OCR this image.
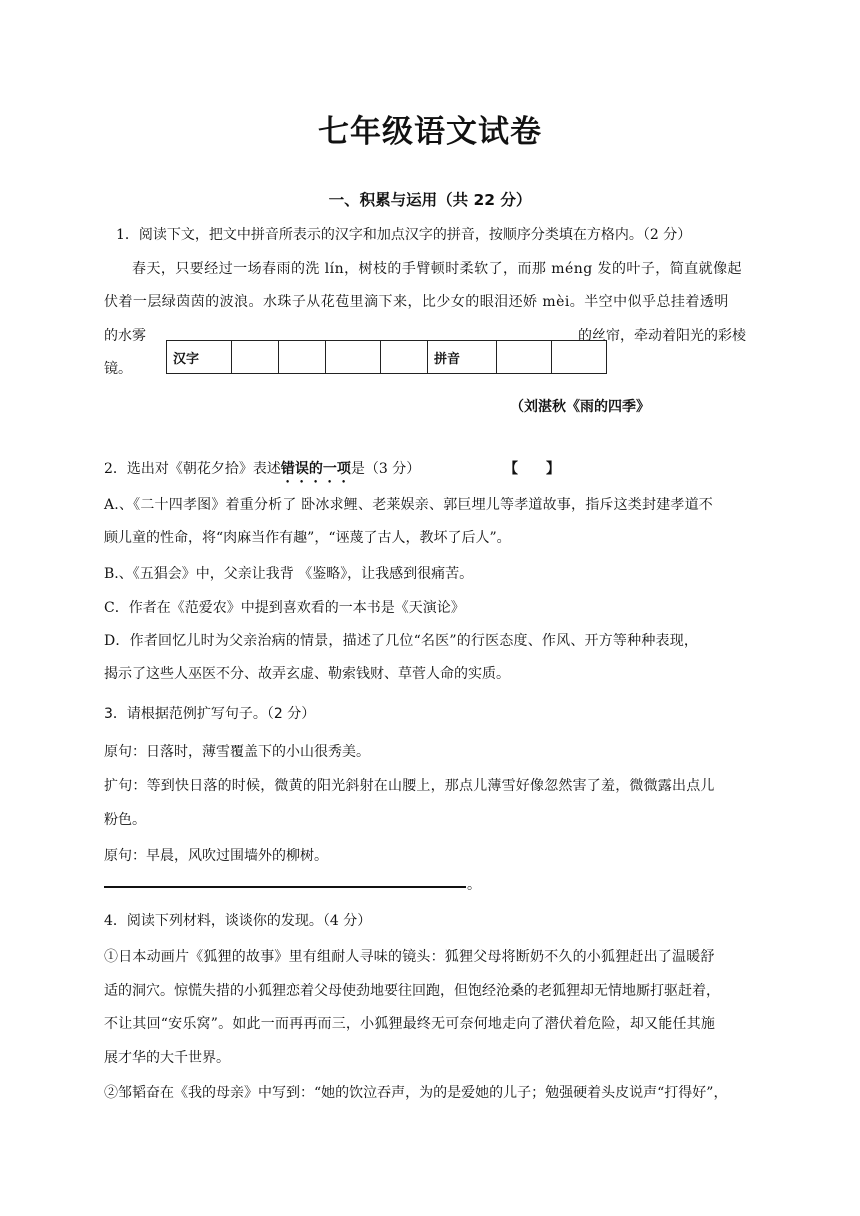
七年级语文试卷
一、积累与运用（共 22 分）
1．阅读下文，把文中拼音所表示的汉字和加点汉字的拼音，按顺序分类填在方格内。（2 分）
春天，只要经过一场春雨的洗 lín，树枝的手臂顿时柔软了，而那 méng 发的叶子，简直就像起
伏着一层绿茵茵的波浪。水珠子从花苞里滴下来，比少女的眼泪还娇 mèi。半空中似乎总挂着透明
的水雾	的丝帘，牵动着阳光的彩棱
镜。
汉字					拼音		
（刘湛秋《雨的四季》
2．选出对《朝花夕拾》表述错误的一项是（3 分）	【　　】
A.、《二十四孝图》着重分析了 卧冰求鲤、老莱娱亲、郭巨埋儿等孝道故事，指斥这类封建孝道不
顾儿童的性命，将“肉麻当作有趣”，“诬蔑了古人，教坏了后人”。
B.、《五猖会》中，父亲让我背 《鉴略》，让我感到很痛苦。
C．作者在《范爱农》中提到喜欢看的一本书是《天演论》
D．作者回忆儿时为父亲治病的情景，描述了几位“名医”的行医态度、作风、开方等种种表现，
揭示了这些人巫医不分、故弄玄虚、勒索钱财、草菅人命的实质。
3．请根据范例扩写句子。（2 分）
原句：日落时，薄雪覆盖下的小山很秀美。
扩句：等到快日落的时候，微黄的阳光斜射在山腰上，那点儿薄雪好像忽然害了羞，微微露出点儿
粉色。
原句：早晨，风吹过围墙外的柳树。
。
4．阅读下列材料，谈谈你的发现。（4 分）
①日本动画片《狐狸的故事》里有组耐人寻味的镜头：狐狸父母将断奶不久的小狐狸赶出了温暖舒
适的洞穴。惊慌失措的小狐狸恋着父母使劲地要往回跑，但饱经沧桑的老狐狸却无情地厮打驱赶着，
不让其回“安乐窝”。如此一而再再而三，小狐狸最终无可奈何地走向了潜伏着危险，却又能任其施
展才华的大千世界。
②邹韬奋在《我的母亲》中写到：“她的饮泣吞声，为的是爱她的儿子；勉强硬着头皮说声“打得好”，
